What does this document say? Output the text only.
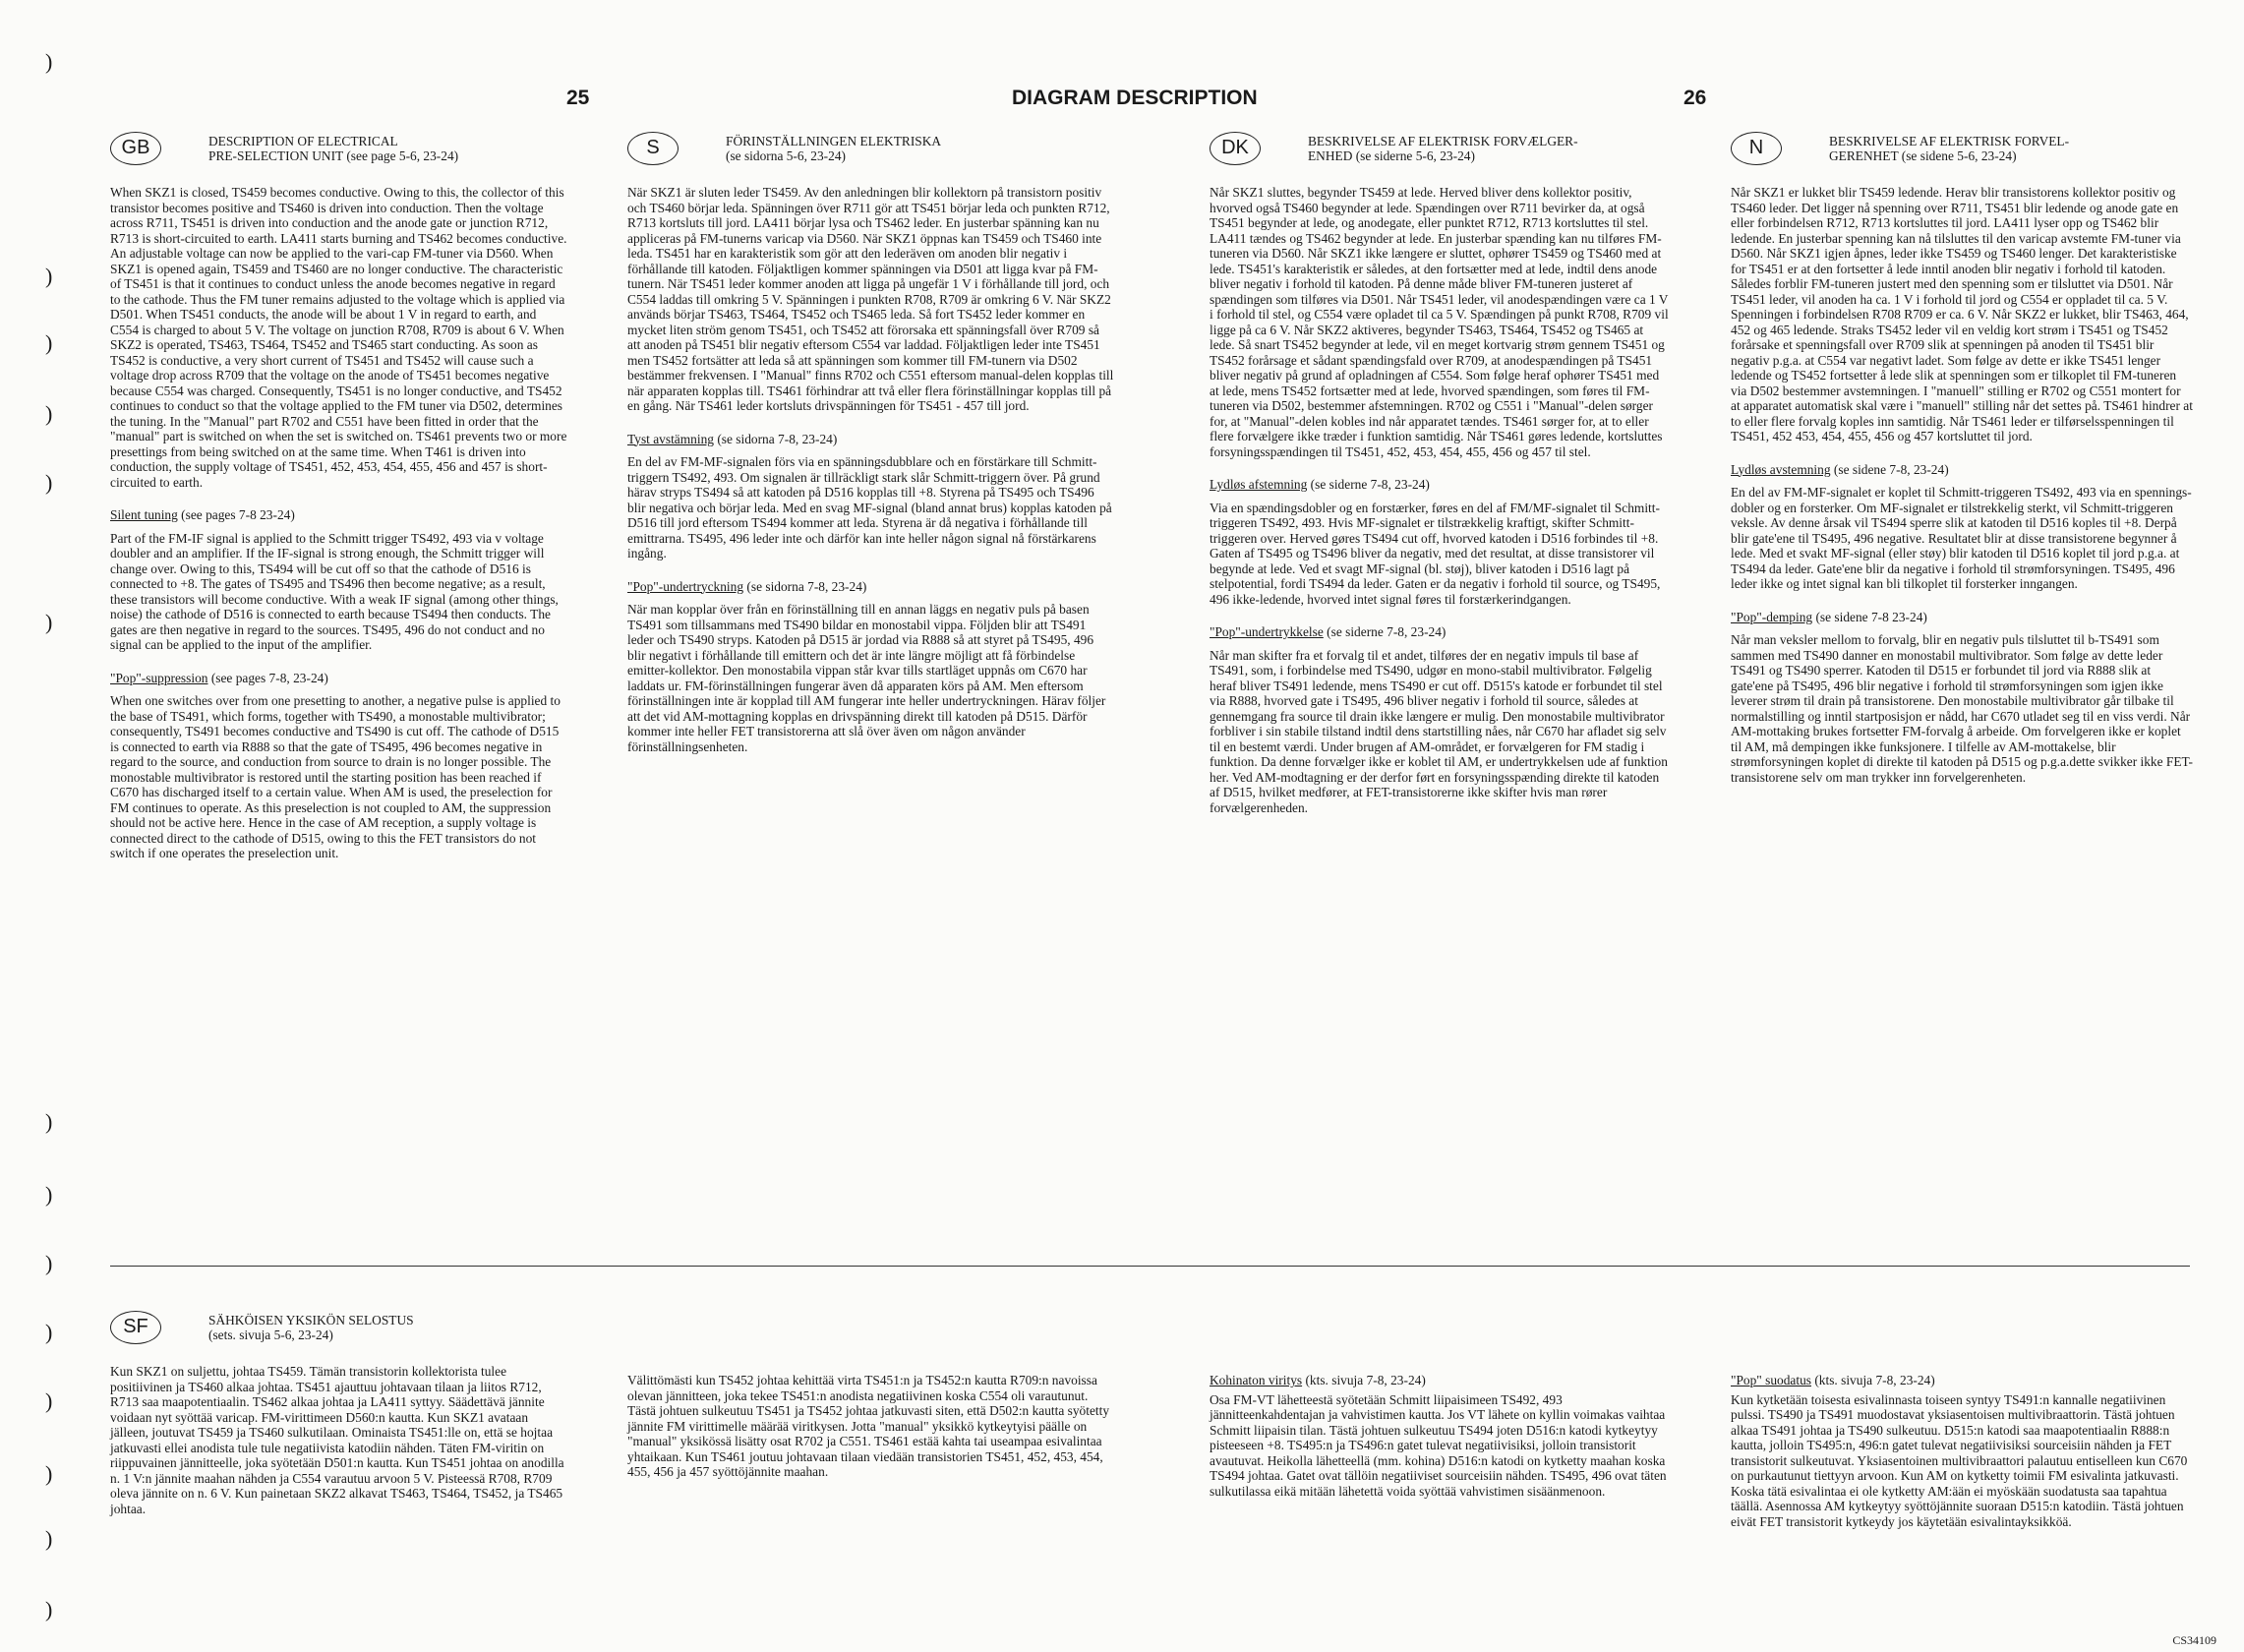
25	DIAGRAM DESCRIPTION	26
GB	DESCRIPTION OF ELECTRICAL
PRE-SELECTION UNIT (see page 5-6, 23-24)

When SKZ1 is closed, TS459 becomes conductive. Owing to this, the collector of this transistor becomes positive and TS460 is driven into conduction. Then the voltage across R711, TS451 is driven into conduction and the anode gate or junction R712, R713 is short-circuited to earth. LA411 starts burning and TS462 becomes conductive. An adjustable voltage can now be applied to the vari-cap FM-tuner via D560. When SKZ1 is opened again, TS459 and TS460 are no longer conductive. The characteristic of TS451 is that it continues to conduct unless the anode becomes negative in regard to the cathode. Thus the FM tuner remains adjusted to the voltage which is applied via D501. When TS451 conducts, the anode will be about 1 V in regard to earth, and C554 is charged to about 5 V. The voltage on junction R708, R709 is about 6 V. When SKZ2 is operated, TS463, TS464, TS452 and TS465 start conducting. As soon as TS452 is conductive, a very short current of TS451 and TS452 will cause such a voltage drop across R709 that the voltage on the anode of TS451 becomes negative because C554 was charged. Consequently, TS451 is no longer conductive, and TS452 continues to conduct so that the voltage applied to the FM tuner via D502, determines the tuning. In the "Manual" part R702 and C551 have been fitted in order that the "manual" part is switched on when the set is switched on. TS461 prevents two or more presettings from being switched on at the same time. When T461 is driven into conduction, the supply voltage of TS451, 452, 453, 454, 455, 456 and 457 is short-circuited to earth.

Silent tuning (see pages 7-8 23-24)

Part of the FM-IF signal is applied to the Schmitt trigger TS492, 493 via v voltage doubler and an amplifier. If the IF-signal is strong enough, the Schmitt trigger will change over. Owing to this, TS494 will be cut off so that the cathode of D516 is connected to +8. The gates of TS495 and TS496 then become negative; as a result, these transistors will become conductive. With a weak IF signal (among other things, noise) the cathode of D516 is connected to earth because TS494 then conducts. The gates are then negative in regard to the sources. TS495, 496 do not conduct and no signal can be applied to the input of the amplifier.

"Pop"-suppression (see pages 7-8, 23-24)

When one switches over from one presetting to another, a negative pulse is applied to the base of TS491, which forms, together with TS490, a monostable multivibrator; consequently, TS491 becomes conductive and TS490 is cut off. The cathode of D515 is connected to earth via R888 so that the gate of TS495, 496 becomes negative in regard to the source, and conduction from source to drain is no longer possible. The monostable multivibrator is restored until the starting position has been reached if C670 has discharged itself to a certain value. When AM is used, the preselection for FM continues to operate. As this preselection is not coupled to AM, the suppression should not be active here. Hence in the case of AM reception, a supply voltage is connected direct to the cathode of D515, owing to this the FET transistors do not switch if one operates the preselection unit.

S	FÖRINSTÄLLNINGEN ELEKTRISKA
(se sidorna 5-6, 23-24)

När SKZ1 är sluten leder TS459. Av den anledningen blir kollektorn på transistorn positiv och TS460 börjar leda. Spänningen över R711 gör att TS451 börjar leda och punkten R712, R713 kortsluts till jord. LA411 börjar lysa och TS462 leder. En justerbar spänning kan nu appliceras på FM-tunerns varicap via D560. När SKZ1 öppnas kan TS459 och TS460 inte leda. TS451 har en karakteristik som gör att den lederäven om anoden blir negativ i förhållande till katoden. Följaktligen kommer spänningen via D501 att ligga kvar på FM-tunern. När TS451 leder kommer anoden att ligga på ungefär 1 V i förhållande till jord, och C554 laddas till omkring 5 V. Spänningen i punkten R708, R709 är omkring 6 V. När SKZ2 används börjar TS463, TS464, TS452 och TS465 leda. Så fort TS452 leder kommer en mycket liten ström genom TS451, och TS452 att förorsaka ett spänningsfall över R709 så att anoden på TS451 blir negativ eftersom C554 var laddad. Följaktligen leder inte TS451 men TS452 fortsätter att leda så att spänningen som kommer till FM-tunern via D502 bestämmer frekvensen. I "Manual" finns R702 och C551 eftersom manual-delen kopplas till när apparaten kopplas till. TS461 förhindrar att två eller flera förinställningar kopplas till på en gång. När TS461 leder kortsluts drivspänningen för TS451 - 457 till jord.

Tyst avstämning (se sidorna 7-8, 23-24)

En del av FM-MF-signalen förs via en spänningsdubblare och en förstärkare till Schmitt-triggern TS492, 493. Om signalen är tillräckligt stark slår Schmitt-triggern över. På grund härav stryps TS494 så att katoden på D516 kopplas till +8. Styrena på TS495 och TS496 blir negativa och börjar leda. Med en svag MF-signal (bland annat brus) kopplas katoden på D516 till jord eftersom TS494 kommer att leda. Styrena är då negativa i förhållande till emittrarna. TS495, 496 leder inte och därför kan inte heller någon signal nå förstärkarens ingång.

"Pop"-undertryckning (se sidorna 7-8, 23-24)

När man kopplar över från en förinställning till en annan läggs en negativ puls på basen TS491 som tillsammans med TS490 bildar en monostabil vippa. Följden blir att TS491 leder och TS490 stryps. Katoden på D515 är jordad via R888 så att styret på TS495, 496 blir negativt i förhållande till emittern och det är inte längre möjligt att få förbindelse emitter-kollektor. Den monostabila vippan står kvar tills startläget uppnås om C670 har laddats ur. FM-förinställningen fungerar även då apparaten körs på AM. Men eftersom förinställningen inte är kopplad till AM fungerar inte heller undertryckningen. Härav följer att det vid AM-mottagning kopplas en drivspänning direkt till katoden på D515. Därför kommer inte heller FET transistorerna att slå över även om någon använder förinställningsenheten.

DK	BESKRIVELSE AF ELEKTRISK FORVÆLGER-
ENHED (se siderne 5-6, 23-24)

Når SKZ1 sluttes, begynder TS459 at lede. Herved bliver dens kollektor positiv, hvorved også TS460 begynder at lede. Spændingen over R711 bevirker da, at også TS451 begynder at lede, og anodegate, eller punktet R712, R713 kortsluttes til stel. LA411 tændes og TS462 begynder at lede. En justerbar spænding kan nu tilføres FM-tuneren via D560. Når SKZ1 ikke længere er sluttet, ophører TS459 og TS460 med at lede. TS451's karakteristik er således, at den fortsætter med at lede, indtil dens anode bliver negativ i forhold til katoden. På denne måde bliver FM-tuneren justeret af spændingen som tilføres via D501. Når TS451 leder, vil anodespændingen være ca 1 V i forhold til stel, og C554 være opladet til ca 5 V. Spændingen på punkt R708, R709 vil ligge på ca 6 V. Når SKZ2 aktiveres, begynder TS463, TS464, TS452 og TS465 at lede. Så snart TS452 begynder at lede, vil en meget kortvarig strøm gennem TS451 og TS452 forårsage et sådant spændingsfald over R709, at anodespændingen på TS451 bliver negativ på grund af opladningen af C554. Som følge heraf ophører TS451 med at lede, mens TS452 fortsætter med at lede, hvorved spændingen, som føres til FM-tuneren via D502, bestemmer afstemningen. R702 og C551 i "Manual"-delen sørger for, at "Manual"-delen kobles ind når apparatet tændes. TS461 sørger for, at to eller flere forvælgere ikke træder i funktion samtidig. Når TS461 gøres ledende, kortsluttes forsyningsspændingen til TS451, 452, 453, 454, 455, 456 og 457 til stel.

Lydløs afstemning (se siderne 7-8, 23-24)

Via en spændingsdobler og en forstærker, føres en del af FM/MF-signalet til Schmitt-triggeren TS492, 493. Hvis MF-signalet er tilstrækkelig kraftigt, skifter Schmitt-triggeren over. Herved gøres TS494 cut off, hvorved katoden i D516 forbindes til +8. Gaten af TS495 og TS496 bliver da negativ, med det resultat, at disse transistorer vil begynde at lede. Ved et svagt MF-signal (bl. støj), bliver katoden i D516 lagt på stelpotential, fordi TS494 da leder. Gaten er da negativ i forhold til source, og TS495, 496 ikke-ledende, hvorved intet signal føres til forstærkerindgangen.

"Pop"-undertrykkelse (se siderne 7-8, 23-24)

Når man skifter fra et forvalg til et andet, tilføres der en negativ impuls til base af TS491, som, i forbindelse med TS490, udgør en mono-stabil multivibrator. Følgelig heraf bliver TS491 ledende, mens TS490 er cut off. D515's katode er forbundet til stel via R888, hvorved gate i TS495, 496 bliver negativ i forhold til source, således at gennemgang fra source til drain ikke længere er mulig. Den monostabile multivibrator forbliver i sin stabile tilstand indtil dens startstilling nåes, når C670 har afladet sig selv til en bestemt værdi. Under brugen af AM-området, er forvælgeren for FM stadig i funktion. Da denne forvælger ikke er koblet til AM, er undertrykkelsen ude af funktion her. Ved AM-modtagning er der derfor ført en forsyningsspænding direkte til katoden af D515, hvilket medfører, at FET-transistorerne ikke skifter hvis man rører forvælgerenheden.

N	BESKRIVELSE AF ELEKTRISK FORVEL-
GERENHET (se sidene 5-6, 23-24)

Når SKZ1 er lukket blir TS459 ledende. Herav blir transistorens kollektor positiv og TS460 leder. Det ligger nå spenning over R711, TS451 blir ledende og anode gate en eller forbindelsen R712, R713 kortsluttes til jord. LA411 lyser opp og TS462 blir ledende. En justerbar spenning kan nå tilsluttes til den varicap avstemte FM-tuner via D560. Når SKZ1 igjen åpnes, leder ikke TS459 og TS460 lenger. Det karakteristiske for TS451 er at den fortsetter å lede inntil anoden blir negativ i forhold til katoden. Således forblir FM-tuneren justert med den spenning som er tilsluttet via D501. Når TS451 leder, vil anoden ha ca. 1 V i forhold til jord og C554 er oppladet til ca. 5 V. Spenningen i forbindelsen R708 R709 er ca. 6 V. Når SKZ2 er lukket, blir TS463, 464, 452 og 465 ledende. Straks TS452 leder vil en veldig kort strøm i TS451 og TS452 forårsake et spenningsfall over R709 slik at spenningen på anoden til TS451 blir negativ p.g.a. at C554 var negativt ladet. Som følge av dette er ikke TS451 lenger ledende og TS452 fortsetter å lede slik at spenningen som er tilkoplet til FM-tuneren via D502 bestemmer avstemningen. I "manuell" stilling er R702 og C551 montert for at apparatet automatisk skal være i "manuell" stilling når det settes på. TS461 hindrer at to eller flere forvalg koples inn samtidig. Når TS461 leder er tilførselsspenningen til TS451, 452 453, 454, 455, 456 og 457 kortsluttet til jord.

Lydløs avstemning (se sidene 7-8, 23-24)

En del av FM-MF-signalet er koplet til Schmitt-triggeren TS492, 493 via en spennings-dobler og en forsterker. Om MF-signalet er tilstrekkelig sterkt, vil Schmitt-triggeren veksle. Av denne årsak vil TS494 sperre slik at katoden til D516 koples til +8. Derpå blir gate'ene til TS495, 496 negative. Resultatet blir at disse transistorene begynner å lede. Med et svakt MF-signal (eller støy) blir katoden til D516 koplet til jord p.g.a. at TS494 da leder. Gate'ene blir da negative i forhold til strømforsyningen. TS495, 496 leder ikke og intet signal kan bli tilkoplet til forsterker inngangen.

"Pop"-demping (se sidene 7-8 23-24)

Når man veksler mellom to forvalg, blir en negativ puls tilsluttet til b-TS491 som sammen med TS490 danner en monostabil multivibrator. Som følge av dette leder TS491 og TS490 sperrer. Katoden til D515 er forbundet til jord via R888 slik at gate'ene på TS495, 496 blir negative i forhold til strømforsyningen som igjen ikke leverer strøm til drain på transistorene. Den monostabile multivibrator går tilbake til normalstilling og inntil startposisjon er nådd, har C670 utladet seg til en viss verdi. Når AM-mottaking brukes fortsetter FM-forvalg å arbeide. Om forvelgeren ikke er koplet til AM, må dempingen ikke funksjonere. I tilfelle av AM-mottakelse, blir strømforsyningen koplet di direkte til katoden på D515 og p.g.a.dette svikker ikke FET-transistorene selv om man trykker inn forvelgerenheten.

SF	SÄHKÖISEN YKSIKÖN SELOSTUS
(sets. sivuja 5-6, 23-24)

Kun SKZ1 on suljettu, johtaa TS459. Tämän transistorin kollektorista tulee positiivinen ja TS460 alkaa johtaa. TS451 ajauttuu johtavaan tilaan ja liitos R712, R713 saa maapotentiaalin. TS462 alkaa johtaa ja LA411 syttyy. Säädettävä jännite voidaan nyt syöttää varicap. FM-virittimeen D560:n kautta. Kun SKZ1 avataan jälleen, joutuvat TS459 ja TS460 sulkutilaan. Ominaista TS451:lle on, että se hojtaa jatkuvasti ellei anodista tule tule negatiivista katodiin nähden. Täten FM-viritin on riippuvainen jännitteelle, joka syötetään D501:n kautta. Kun TS451 johtaa on anodilla n. 1 V:n jännite maahan nähden ja C554 varautuu arvoon 5 V. Pisteessä R708, R709 oleva jännite on n. 6 V. Kun painetaan SKZ2 alkavat TS463, TS464, TS452, ja TS465 johtaa.

Välittömästi kun TS452 johtaa kehittää virta TS451:n ja TS452:n kautta R709:n navoissa olevan jännitteen, joka tekee TS451:n anodista negatiivinen koska C554 oli varautunut. Tästä johtuen sulkeutuu TS451 ja TS452 johtaa jatkuvasti siten, että D502:n kautta syötetty jännite FM virittimelle määrää viritkysen. Jotta "manual" yksikkö kytkeytyisi päälle on "manual" yksikössä lisätty osat R702 ja C551. TS461 estää kahta tai useampaa esivalintaa yhtaikaan. Kun TS461 joutuu johtavaan tilaan viedään transistorien TS451, 452, 453, 454, 455, 456 ja 457 syöttöjännite maahan.

Kohinaton viritys (kts. sivuja 7-8, 23-24)

Osa FM-VT lähetteestä syötetään Schmitt liipaisimeen TS492, 493 jännitteenkahdentajan ja vahvistimen kautta. Jos VT lähete on kyllin voimakas vaihtaa Schmitt liipaisin tilan. Tästä johtuen sulkeutuu TS494 joten D516:n katodi kytkeytyy pisteeseen +8. TS495:n ja TS496:n gatet tulevat negatiivisiksi, jolloin transistorit avautuvat. Heikolla lähetteellä (mm. kohina) D516:n katodi on kytketty maahan koska TS494 johtaa. Gatet ovat tällöin negatiiviset sourceisiin nähden. TS495, 496 ovat täten sulkutilassa eikä mitään lähetettä voida syöttää vahvistimen sisäänmenoon.

"Pop" suodatus (kts. sivuja 7-8, 23-24)

Kun kytketään toisesta esivalinnasta toiseen syntyy TS491:n kannalle negatiivinen pulssi. TS490 ja TS491 muodostavat yksiasentoisen multivibraattorin. Tästä johtuen alkaa TS491 johtaa ja TS490 sulkeutuu. D515:n katodi saa maapotentiaalin R888:n kautta, jolloin TS495:n, 496:n gatet tulevat negatiivisiksi sourceisiin nähden ja FET transistorit sulkeutuvat. Yksiasentoinen multivibraattori palautuu entiselleen kun C670 on purkautunut tiettyyn arvoon. Kun AM on kytketty toimii FM esivalinta jatkuvasti. Koska tätä esivalintaa ei ole kytketty AM:ään ei myöskään suodatusta saa tapahtua täällä. Asennossa AM kytkeytyy syöttöjännite suoraan D515:n katodiin. Tästä johtuen eivät FET transistorit kytkeydy jos käytetään esivalintayksikköä.

)
)
)
)
)
)
)
)
)
)
)
)
)
)
CS34109
